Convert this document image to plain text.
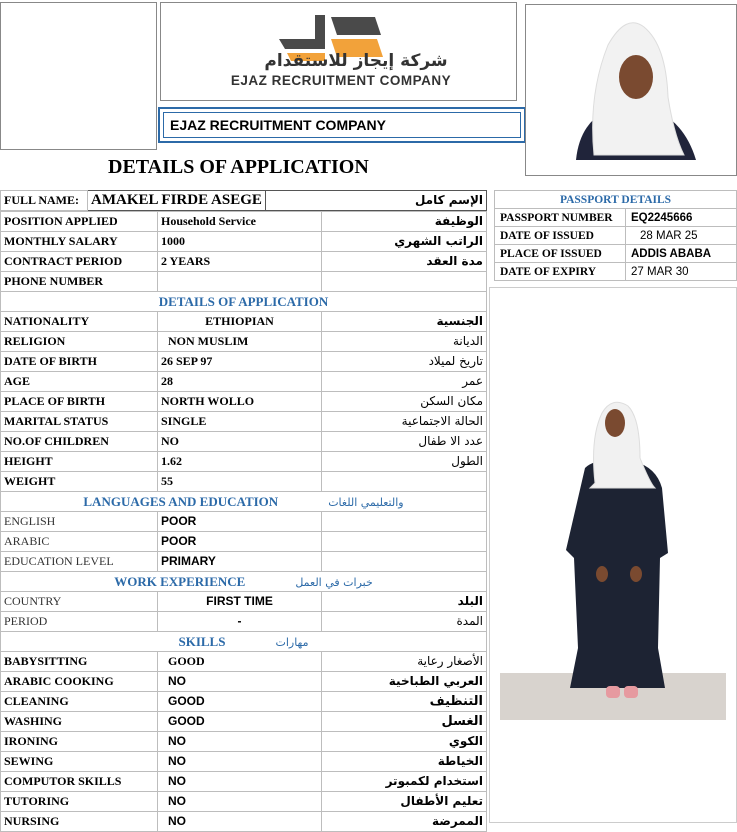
شركة إيجاز للاستقدام
EJAZ RECRUITMENT COMPANY
EJAZ RECRUITMENT COMPANY
DETAILS OF APPLICATION
PASSPORT DETAILS	
PASSPORT NUMBER	EQ2245666
DATE OF ISSUED	28 MAR 25
PLACE OF ISSUED	ADDIS ABABA
DATE OF EXPIRY	27 MAR 30
FULL NAME:	AMAKEL FIRDE ASEGE	الإسم كامل
POSITION APPLIED	Household Service	الوظيفة
MONTHLY SALARY	1000	الراتب الشهري
CONTRACT PERIOD	2 YEARS	مدة العقد
PHONE NUMBER		
DETAILS OF APPLICATION		
NATIONALITY	ETHIOPIAN	الجنسية
RELIGION	NON MUSLIM	الديانة
DATE OF BIRTH	26 SEP 97	تاريخ لميلاد
AGE	28	عمر
PLACE OF BIRTH	NORTH WOLLO	مكان السكن
MARITAL STATUS	SINGLE	الحالة الاجتماعية
NO.OF CHILDREN	NO	عدد الا طفال
HEIGHT	1.62	الطول
WEIGHT	55	
LANGUAGES AND EDUCATION والتعليمي اللغات		
ENGLISH	POOR	
ARABIC	POOR	
EDUCATION LEVEL	PRIMARY	
WORK EXPERIENCE خبرات في العمل		
COUNTRY	FIRST TIME	البلد
PERIOD	-	المدة
SKILLS مهارات		
BABYSITTING	GOOD	الأصغار رعاية
ARABIC COOKING	NO	العربي الطباخية
CLEANING	GOOD	التنظيف
WASHING	GOOD	الغسل
IRONING	NO	الكوي
SEWING	NO	الخياطة
COMPUTOR SKILLS	NO	استخدام لكمبوتر
TUTORING	NO	تعليم الأطفال
NURSING	NO	الممرضة
